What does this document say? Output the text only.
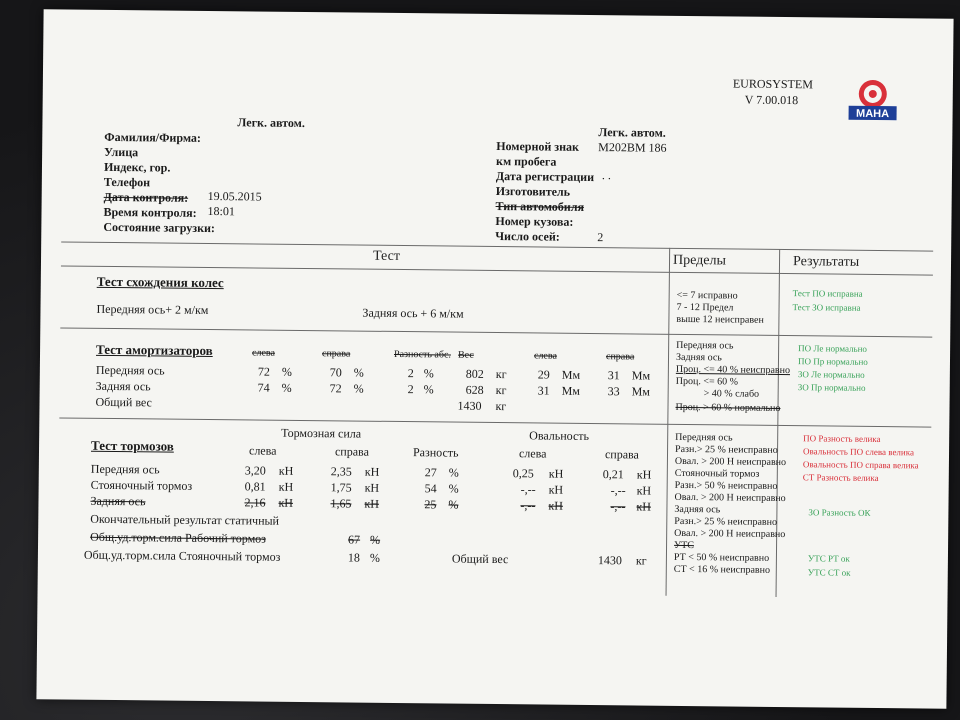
EUROSYSTEM
V 7.00.018
МАНА
Легк. автом.
Фамилия/Фирма:
Улица
Индекс, гор.
Телефон
Дата контроля: 19.05.2015
Время контроля: 18:01
Состояние загрузки:
Легк. автом.
Номерной знак М202ВМ 186
км пробега
Дата регистрации . .
Изготовитель
Тип автомобиля
Номер кузова:
Число осей:	2
Тест	Пределы	Результаты
Тест схождения колес
Передняя ось+ 2 м/км	Задняя ось + 6 м/км
<= 7 исправно
7 - 12 Предел
выше 12 неисправен
Тест ПО исправна
Тест ЗО исправна
Тест амортизаторов	слева	справа	Разность абс. Вес	слева	справа
Передняя ось	72 %	70 %	2 %	802 кг	29 Мм 31 Мм
Задняя ось	74 %	72 %	2 %	628 кг	31 Мм 33 Мм
Общий вес	1430 кг
Передняя ось
Задняя ось
Проц. <= 40 % неисправно
Проц. <= 60 %
> 40 % слабо
Проц. > 60 % нормально
ПО Ле нормально
ПО Пр нормально
ЗО Ле нормально
ЗО Пр нормально
Тормозная сила	Овальность
Тест тормозов	слева	справа	Разность	слева	справа
Передняя ось	3,20 кН	2,35 кН	27 %	0,25 кН	0,21 кН
Стояночный тормоз	0,81 кН	1,75 кН	54 %	-,-- кН	-,-- кН
Задняя ось	2,16 кН	1,65 кН	25 %	-,-- кН	-,-- кН
Окончательный результат статичный
Общ.уд.торм.сила Рабочий тормоз	67 %
Общ.уд.торм.сила Стояночный тормоз	18 %	Общий вес	1430 кг
Передняя ось
Разн.> 25 % неисправно
Овал. > 200 Н неисправно
Стояночный тормоз
Разн.> 50 % неисправно
Овал. > 200 Н неисправно
Задняя ось
Разн.> 25 % неисправно
Овал. > 200 Н неисправно
УТС
РТ < 50 % неисправно
СТ < 16 % неисправно
ПО Разность велика
Овальность ПО слева велика
Овальность ПО справа велика
СТ Разность велика
ЗО Разность ОК
УТС РТ ок
УТС СТ ок
